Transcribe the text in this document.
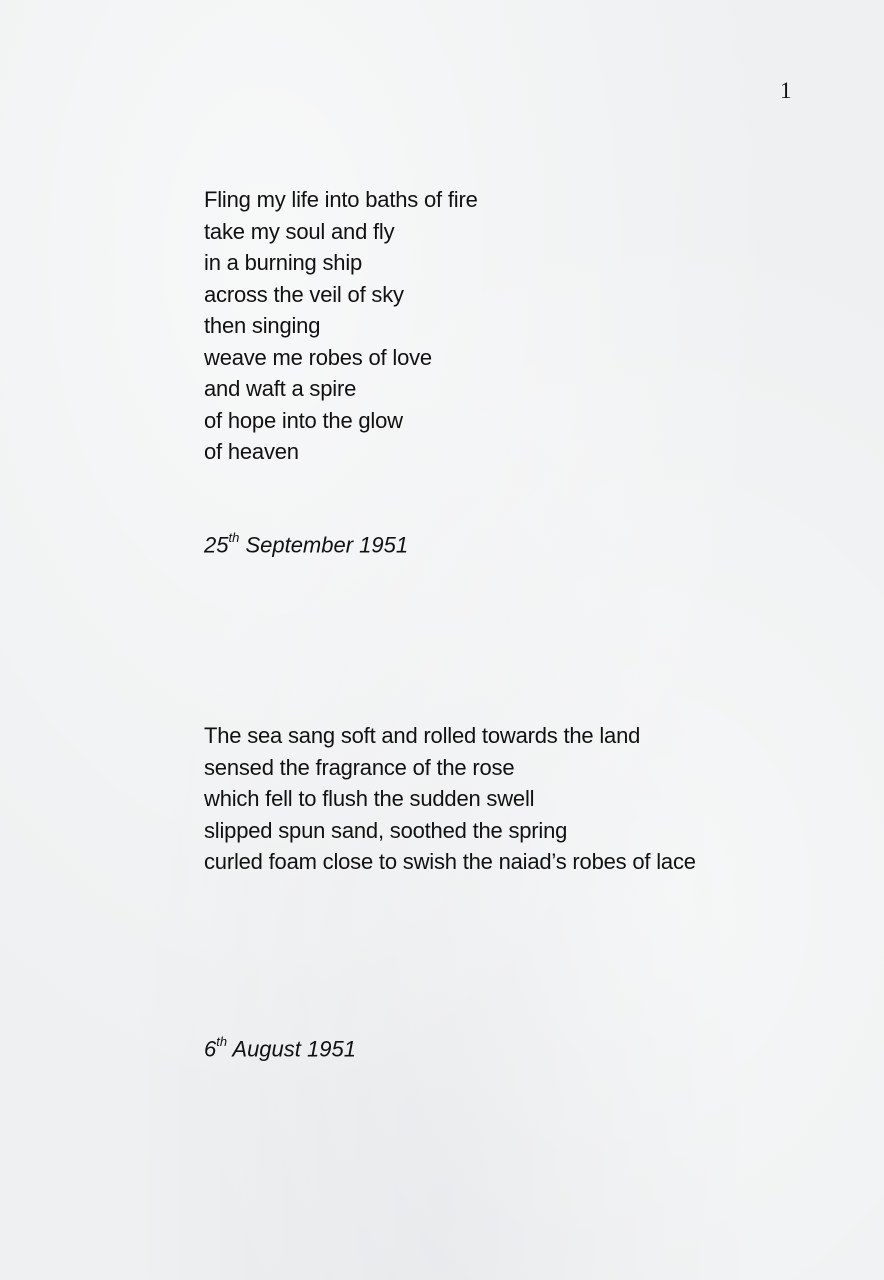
1
Fling my life into baths of fire
take my soul and fly
in a burning ship
across the veil of sky
then singing
weave me robes of love
and waft a spire
of hope into the glow
of heaven
25th September 1951
The sea sang soft and rolled towards the land
sensed the fragrance of the rose
which fell to flush the sudden swell
slipped spun sand, soothed the spring
curled foam close to swish the naiad’s robes of lace
6th August 1951
